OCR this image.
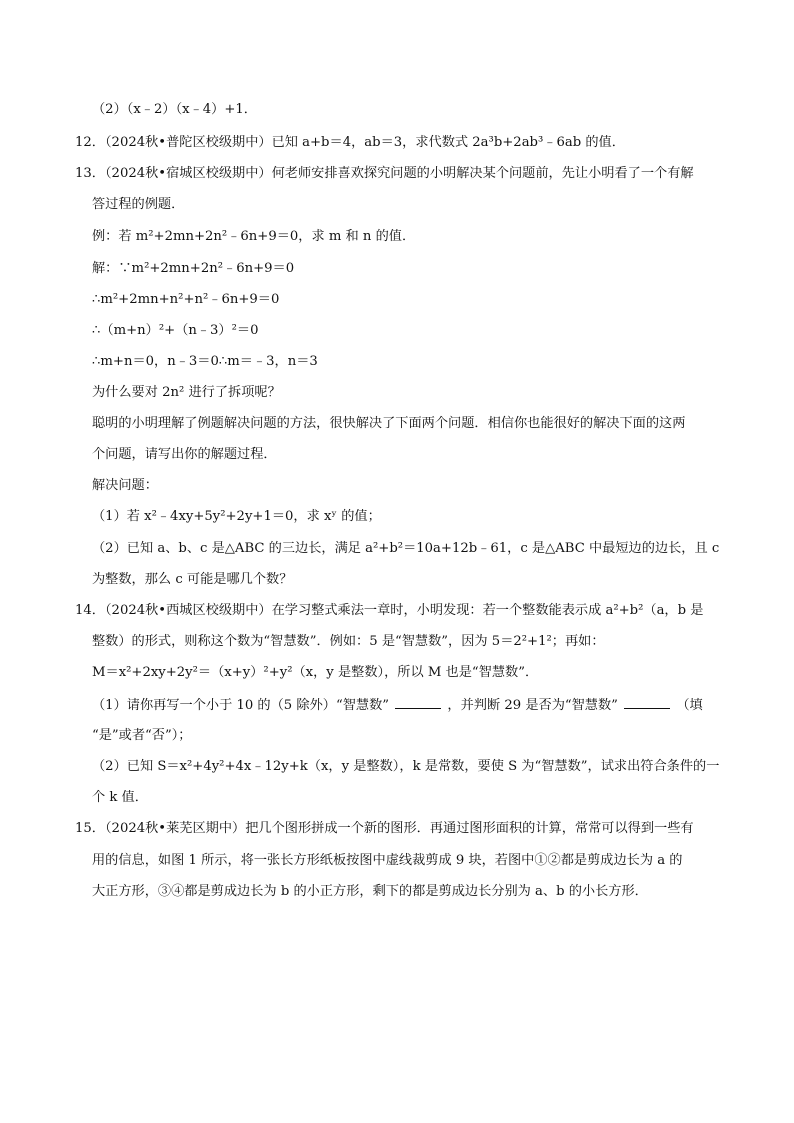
（2）（x﹣2）（x﹣4）+1．
12．（2024秋•普陀区校级期中）已知 a+b＝4，ab＝3，求代数式 2a³b+2ab³﹣6ab 的值．
13．（2024秋•宿城区校级期中）何老师安排喜欢探究问题的小明解决某个问题前，先让小明看了一个有解
答过程的例题．
例：若 m²+2mn+2n²﹣6n+9＝0，求 m 和 n 的值．
解：∵m²+2mn+2n²﹣6n+9＝0
∴m²+2mn+n²+n²﹣6n+9＝0
∴（m+n）²+（n﹣3）²＝0
∴m+n＝0，n﹣3＝0∴m＝﹣3，n＝3
为什么要对 2n² 进行了拆项呢？
聪明的小明理解了例题解决问题的方法，很快解决了下面两个问题．相信你也能很好的解决下面的这两
个问题，请写出你的解题过程．
解决问题：
（1）若 x²﹣4xy+5y²+2y+1＝0，求 xʸ 的值；
（2）已知 a、b、c 是△ABC 的三边长，满足 a²+b²＝10a+12b﹣61，c 是△ABC 中最短边的边长，且 c
为整数，那么 c 可能是哪几个数？
14．（2024秋•西城区校级期中）在学习整式乘法一章时，小明发现：若一个整数能表示成 a²+b²（a，b 是
整数）的形式，则称这个数为“智慧数”．例如：5 是“智慧数”，因为 5＝2²+1²；再如：
M＝x²+2xy+2y²＝（x+y）²+y²（x，y 是整数），所以 M 也是“智慧数”．
（1）请你再写一个小于 10 的（5 除外）“智慧数”	，并判断 29 是否为“智慧数”	（填
“是”或者“否”）；
（2）已知 S＝x²+4y²+4x﹣12y+k（x，y 是整数），k 是常数，要使 S 为“智慧数”，试求出符合条件的一
个 k 值．
15．（2024秋•莱芜区期中）把几个图形拼成一个新的图形．再通过图形面积的计算，常常可以得到一些有
用的信息，如图 1 所示，将一张长方形纸板按图中虚线裁剪成 9 块，若图中①②都是剪成边长为 a 的
大正方形，③④都是剪成边长为 b 的小正方形，剩下的都是剪成边长分别为 a、b 的小长方形．
